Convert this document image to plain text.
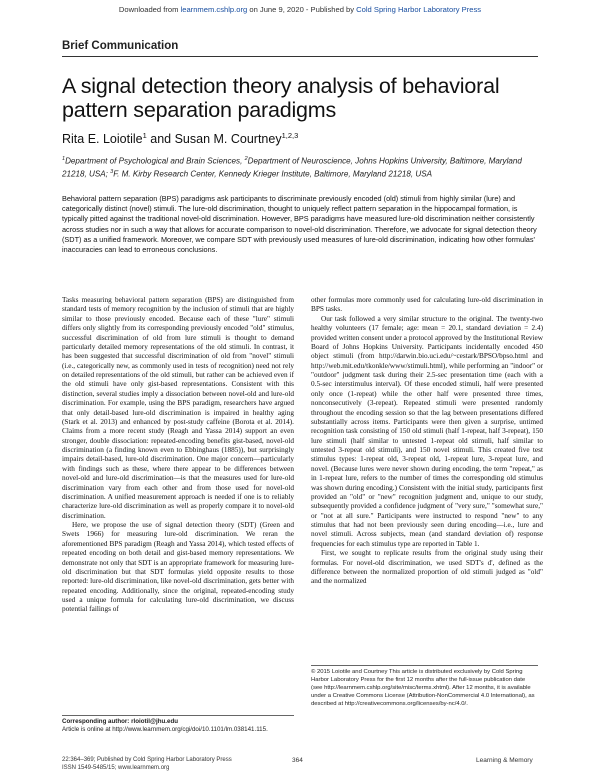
Downloaded from learnmem.cshlp.org on June 9, 2020 - Published by Cold Spring Harbor Laboratory Press
Brief Communication
A signal detection theory analysis of behavioral pattern separation paradigms
Rita E. Loiotile$^1$ and Susan M. Courtney$^{1,2,3}$
$^1$Department of Psychological and Brain Sciences, $^2$Department of Neuroscience, Johns Hopkins University, Baltimore, Maryland 21218, USA; $^3$F. M. Kirby Research Center, Kennedy Krieger Institute, Baltimore, Maryland 21218, USA
Behavioral pattern separation (BPS) paradigms ask participants to discriminate previously encoded (old) stimuli from highly similar (lure) and categorically distinct (novel) stimuli. The lure-old discrimination, thought to uniquely reflect pattern separation in the hippocampal formation, is typically pitted against the traditional novel-old discrimination. However, BPS paradigms have measured lure-old discrimination neither consistently across studies nor in such a way that allows for accurate comparison to novel-old discrimination. Therefore, we advocate for signal detection theory (SDT) as a unified framework. Moreover, we compare SDT with previously used measures of lure-old discrimination, indicating how other formulas' inaccuracies can lead to erroneous conclusions.

Tasks measuring behavioral pattern separation (BPS) are distinguished from standard tests of memory recognition by the inclusion of stimuli that are highly similar to those previously encoded. Because each of these "lure" stimuli differs only slightly from its corresponding previously encoded "old" stimulus, successful discrimination of old from lure stimuli is thought to demand particularly detailed memory representations of the old stimuli. In contrast, it has been suggested that successful discrimination of old from "novel" stimuli (i.e., categorically new, as commonly used in tests of recognition) need not rely on detailed representations of the old stimuli, but rather can be achieved even if the old stimuli have only gist-based representations. Consistent with this distinction, several studies imply a dissociation between novel-old and lure-old discrimination. For example, using the BPS paradigm, researchers have argued that only detail-based lure-old discrimination is impaired in healthy aging (Stark et al. 2013) and enhanced by post-study caffeine (Borota et al. 2014). Claims from a more recent study (Reagh and Yassa 2014) support an even stronger, double dissociation: repeated-encoding benefits gist-based, novel-old discrimination (a finding known even to Ebbinghaus (1885)), but surprisingly impairs detail-based, lure-old discrimination. One major concern—particularly with findings such as these, where there appear to be differences between novel-old and lure-old discrimination—is that the measures used for lure-old discrimination vary from each other and from those used for novel-old discrimination. A unified measurement approach is needed if one is to reliably characterize lure-old discrimination as well as properly compare it to novel-old discrimination.

Here, we propose the use of signal detection theory (SDT) (Green and Swets 1966) for measuring lure-old discrimination. We reran the aforementioned BPS paradigm (Reagh and Yassa 2014), which tested effects of repeated encoding on both detail and gist-based memory representations. We demonstrate not only that SDT is an appropriate framework for measuring lure-old discrimination but that SDT formulas yield opposite results to those reported: lure-old discrimination, like novel-old discrimination, gets better with repeated encoding. Additionally, since the original, repeated-encoding study used a unique formula for calculating lure-old discrimination, we discuss potential failings of

other formulas more commonly used for calculating lure-old discrimination in BPS tasks.

Our task followed a very similar structure to the original. The twenty-two healthy volunteers (17 female; age: mean = 20.1, standard deviation = 2.4) provided written consent under a protocol approved by the Institutional Review Board of Johns Hopkins University. Participants incidentally encoded 450 object stimuli (from http://darwin.bio.uci.edu/~cestark/BPSO/bpso.html and http://web.mit.edu/tkonkle/www/stimuli.html), while performing an "indoor" or "outdoor" judgment task during their 2.5-sec presentation time (each with a 0.5-sec interstimulus interval). Of these encoded stimuli, half were presented only once (1-repeat) while the other half were presented three times, nonconsecutively (3-repeat). Repeated stimuli were presented randomly throughout the encoding session so that the lag between presentations differed substantially across items. Participants were then given a surprise, untimed recognition task consisting of 150 old stimuli (half 1-repeat, half 3-repeat), 150 lure stimuli (half similar to untested 1-repeat old stimuli, half similar to untested 3-repeat old stimuli), and 150 novel stimuli. This created five test stimulus types: 1-repeat old, 3-repeat old, 1-repeat lure, 3-repeat lure, and novel. (Because lures were never shown during encoding, the term "repeat," as in 1-repeat lure, refers to the number of times the corresponding old stimulus was shown during encoding.) Consistent with the initial study, participants first provided an "old" or "new" recognition judgment and, unique to our study, subsequently provided a confidence judgment of "very sure," "somewhat sure," or "not at all sure." Participants were instructed to respond "new" to any stimulus that had not been previously seen during encoding—i.e., lure and novel stimuli. Across subjects, mean (and standard deviation of) response frequencies for each stimulus type are reported in Table 1.

First, we sought to replicate results from the original study using their formulas. For novel-old discrimination, we used SDT's d', defined as the difference between the normalized proportion of old stimuli judged as "old" and the normalized

Corresponding author: rloiotil@jhu.edu
Article is online at http://www.learnmem.org/cgi/doi/10.1101/lm.038141.115.
© 2015 Loiotile and Courtney This article is distributed exclusively by Cold Spring Harbor Laboratory Press for the first 12 months after the full-issue publication date (see http://learnmem.cshlp.org/site/misc/terms.xhtml). After 12 months, it is available under a Creative Commons License (Attribution-NonCommercial 4.0 International), as described at http://creativecommons.org/licenses/by-nc/4.0/.
22:364–369; Published by Cold Spring Harbor Laboratory Press
ISSN 1549-5485/15; www.learnmem.org
364	Learning & Memory
